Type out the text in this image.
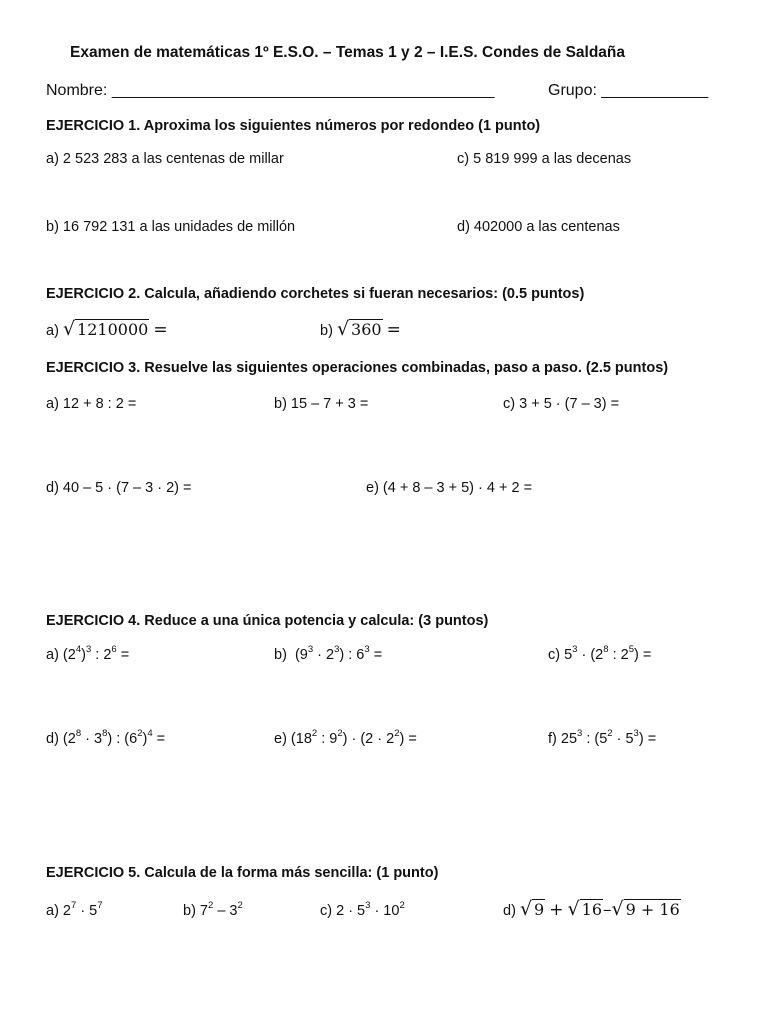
Examen de matemáticas 1º E.S.O. – Temas 1 y 2 – I.E.S. Condes de Saldaña
Nombre: ___________________________________________	Grupo: ____________
EJERCICIO 1. Aproxima los siguientes números por redondeo (1 punto)
a) 2 523 283 a las centenas de millar	c) 5 819 999 a las decenas
b) 16 792 131 a las unidades de millón	d) 402000 a las centenas
EJERCICIO 2. Calcula, añadiendo corchetes si fueran necesarios: (0.5 puntos)
a) √ 1210000 =	b) √ 360 =
EJERCICIO 3. Resuelve las siguientes operaciones combinadas, paso a paso. (2.5 puntos)
a) 12 + 8 : 2 =	b) 15 – 7 + 3 =	c) 3 + 5 · (7 – 3) =
d) 40 – 5 · (7 – 3 · 2) =	e) (4 + 8 – 3 + 5) · 4 + 2 =
EJERCICIO 4. Reduce a una única potencia y calcula: (3 puntos)
a) $(2^4)^3$ : $2^6$ =	b)  $(9^3 \cdot 2^3)$ : $6^3$ =	c) $5^3 \cdot (2^8$ : $2^5$) =
d) $(2^8 \cdot 3^8)$ : $(6^2)^4$ =	e) ($18^2$ : $9^2) \cdot (2 \cdot 2^2)$ =	f) $25^3$ : $(5^2 \cdot 5^3)$ =
EJERCICIO 5. Calcula de la forma más sencilla: (1 punto)
a) $2^7 \cdot 5^7$	b) $7^2 - 3^2$	c) $2 \cdot 5^3 \cdot 10^2$	d) √ 9 + √ 16–√ 9 + 16
